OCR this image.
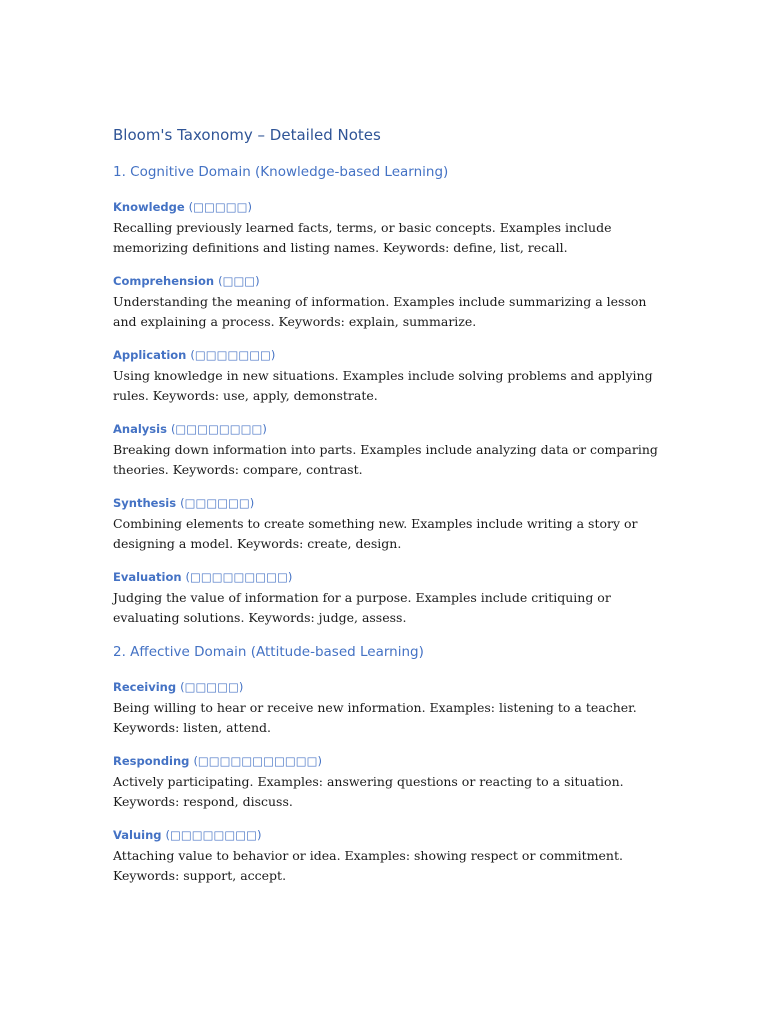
Bloom's Taxonomy – Detailed Notes
1. Cognitive Domain (Knowledge-based Learning)

Knowledge (□□□□□)

Recalling previously learned facts, terms, or basic concepts. Examples include memorizing definitions and listing names. Keywords: define, list, recall.

Comprehension (□□□)

Understanding the meaning of information. Examples include summarizing a lesson and explaining a process. Keywords: explain, summarize.

Application (□□□□□□□)

Using knowledge in new situations. Examples include solving problems and applying rules. Keywords: use, apply, demonstrate.

Analysis (□□□□□□□□)

Breaking down information into parts. Examples include analyzing data or comparing theories. Keywords: compare, contrast.

Synthesis (□□□□□□)

Combining elements to create something new. Examples include writing a story or designing a model. Keywords: create, design.

Evaluation (□□□□□□□□□)

Judging the value of information for a purpose. Examples include critiquing or evaluating solutions. Keywords: judge, assess.

2. Affective Domain (Attitude-based Learning)

Receiving (□□□□□)

Being willing to hear or receive new information. Examples: listening to a teacher. Keywords: listen, attend.

Responding (□□□□□□□□□□□)

Actively participating. Examples: answering questions or reacting to a situation. Keywords: respond, discuss.

Valuing (□□□□□□□□)

Attaching value to behavior or idea. Examples: showing respect or commitment. Keywords: support, accept.
